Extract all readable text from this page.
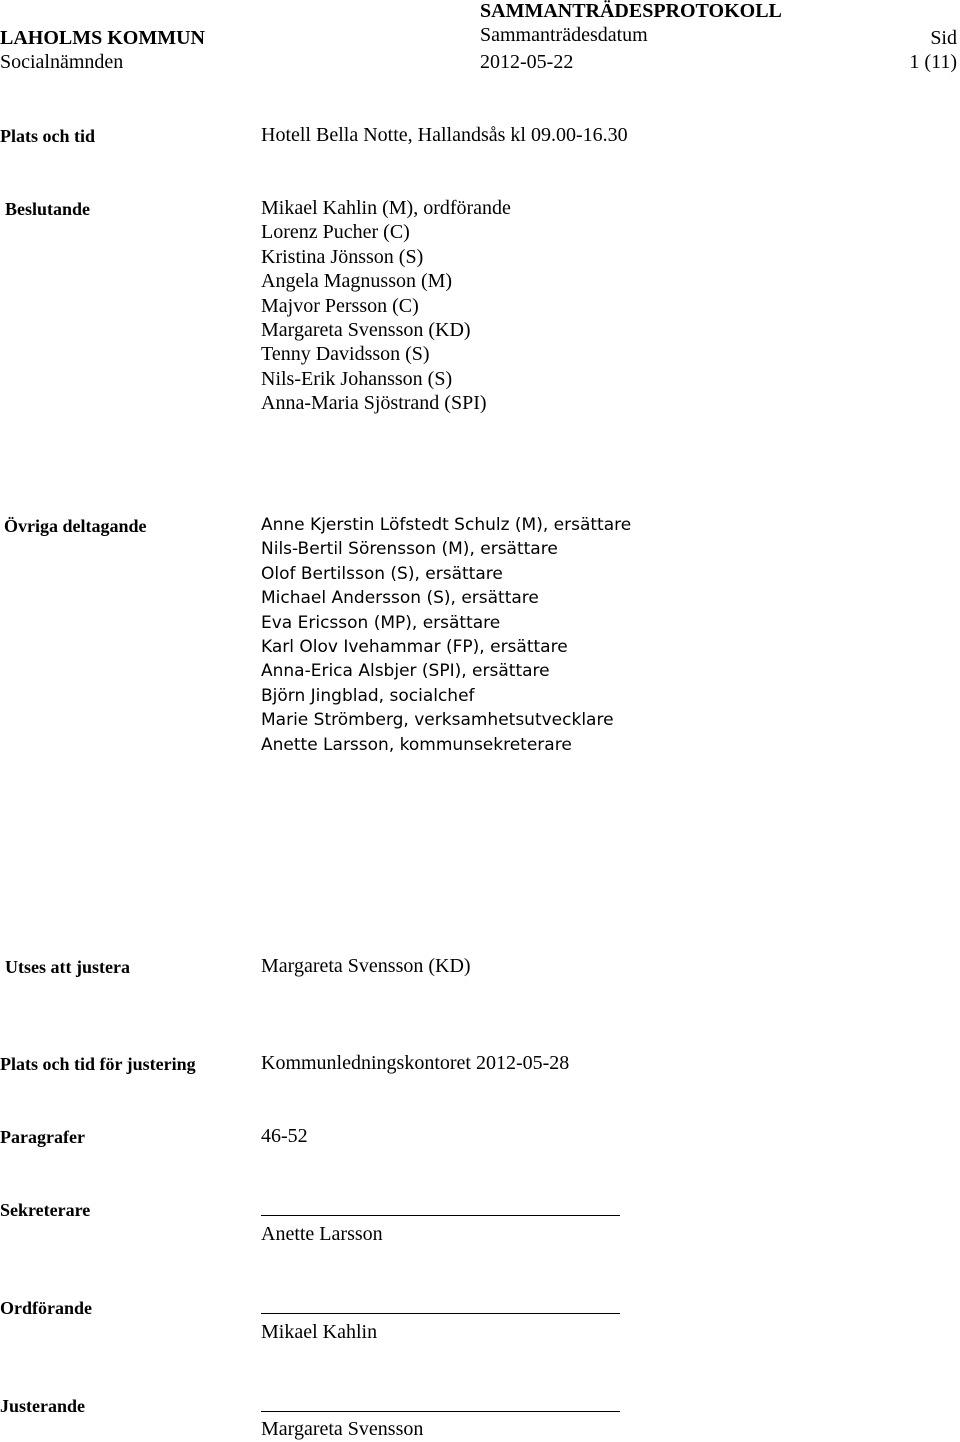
LAHOLMS KOMMUN
Socialnämnden
SAMMANTRÄDESPROTOKOLL
Sammanträdesdatum
2012-05-22
Sid
1 (11)
Plats och tid	Hotell Bella Notte, Hallandsås kl 09.00-16.30
Beslutande	Mikael Kahlin (M), ordförande
Lorenz Pucher (C)
Kristina Jönsson (S)
Angela Magnusson (M)
Majvor Persson (C)
Margareta Svensson (KD)
Tenny Davidsson (S)
Nils-Erik Johansson (S)
Anna-Maria Sjöstrand (SPI)
Övriga deltagande	Anne Kjerstin Löfstedt Schulz (M), ersättare
Nils-Bertil Sörensson (M), ersättare
Olof Bertilsson (S), ersättare
Michael Andersson (S), ersättare
Eva Ericsson (MP), ersättare
Karl Olov Ivehammar (FP), ersättare
Anna-Erica Alsbjer (SPI), ersättare
Björn Jingblad, socialchef
Marie Strömberg, verksamhetsutvecklare
Anette Larsson, kommunsekreterare
Utses att justera	Margareta Svensson (KD)
Plats och tid för justering	Kommunledningskontoret 2012-05-28
Paragrafer	46-52
Sekreterare
Anette Larsson
Ordförande
Mikael Kahlin
Justerande
Margareta Svensson
